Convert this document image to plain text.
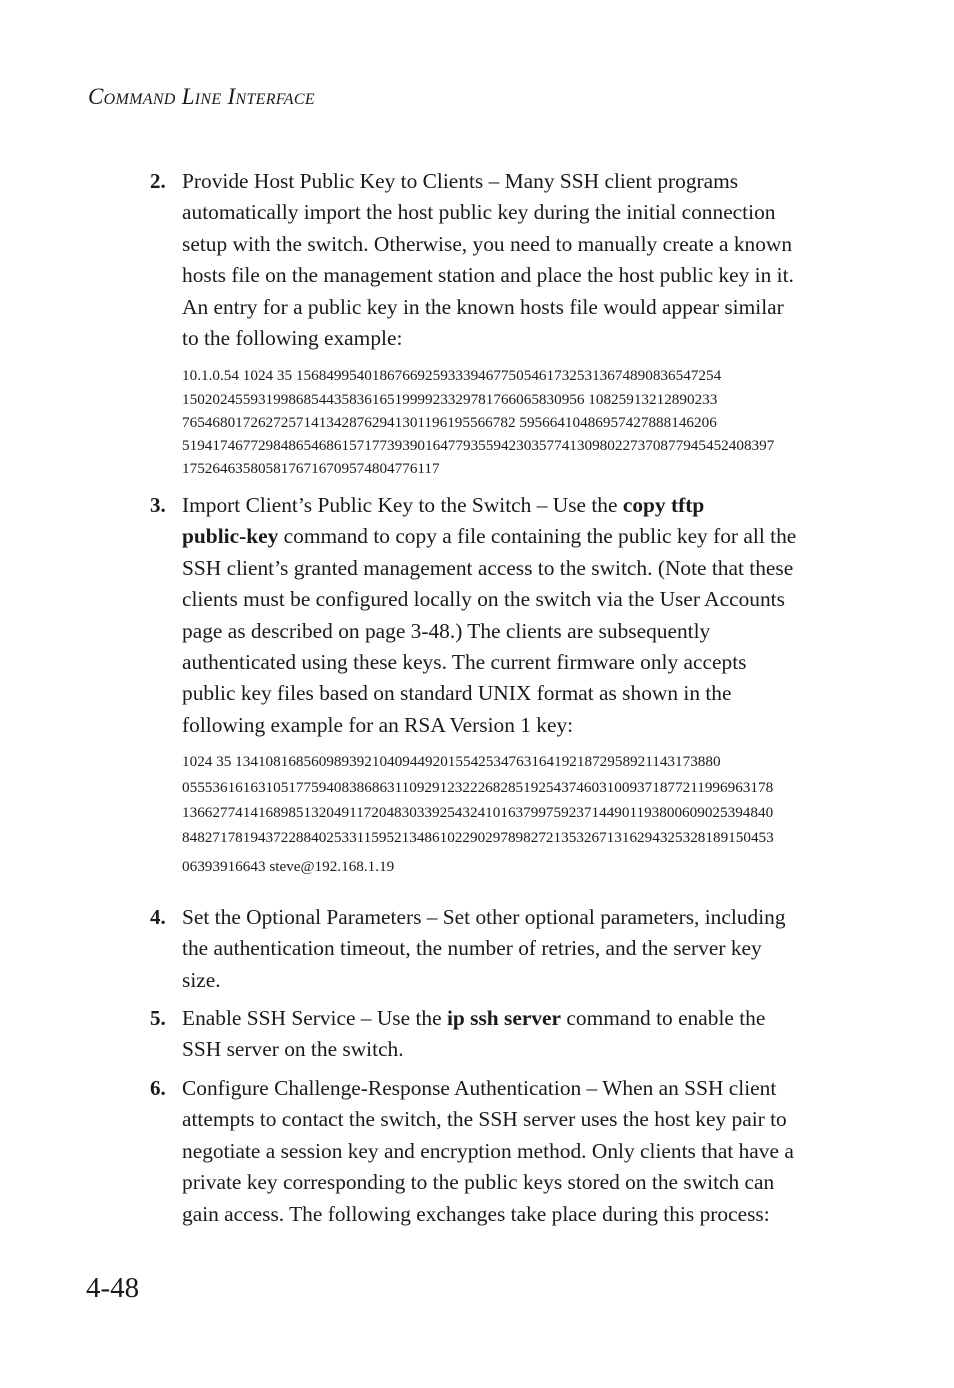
Command Line Interface
2. Provide Host Public Key to Clients – Many SSH client programs
automatically import the host public key during the initial connection
setup with the switch. Otherwise, you need to manually create a known
hosts file on the management station and place the host public key in it.
An entry for a public key in the known hosts file would appear similar
to the following example:

10.1.0.54 1024 35 15684995401867669259333946775054617325313674890836547254
15020245593199868544358361651999923329781766065830956 10825913212890233
76546801726272571413428762941301196195566782 595664104869574278881462​06
519417467729848654686157177393901647793559423035774130980227370877945452408397
1752646358058176716709574804776117
3. Import Client’s Public Key to the Switch – Use the copy tftp
public-key command to copy a file containing the public key for all the
SSH client’s granted management access to the switch. (Note that these
clients must be configured locally on the switch via the User Accounts
page as described on page 3-48.) The clients are subsequently
authenticated using these keys. The current firmware only accepts
public key files based on standard UNIX format as shown in the
following example for an RSA Version 1 key:

1024 35 134108168560989392104094492015542534763164192187295892114317388​0
055536161631051775940838686311092912322268285192543746031009371877211996963178
136627741416898513204911720483033925432410163799759237144901193800609025394840
848271781943722884025331159521348610229029789827213532671316294325328189150453
06393916643 steve@192.168.1.19
4. Set the Optional Parameters – Set other optional parameters, including
the authentication timeout, the number of retries, and the server key
size.

5. Enable SSH Service – Use the ip ssh server command to enable the
SSH server on the switch.

6. Configure Challenge-Response Authentication – When an SSH client
attempts to contact the switch, the SSH server uses the host key pair to
negotiate a session key and encryption method. Only clients that have a
private key corresponding to the public keys stored on the switch can
gain access. The following exchanges take place during this process:

4-48
